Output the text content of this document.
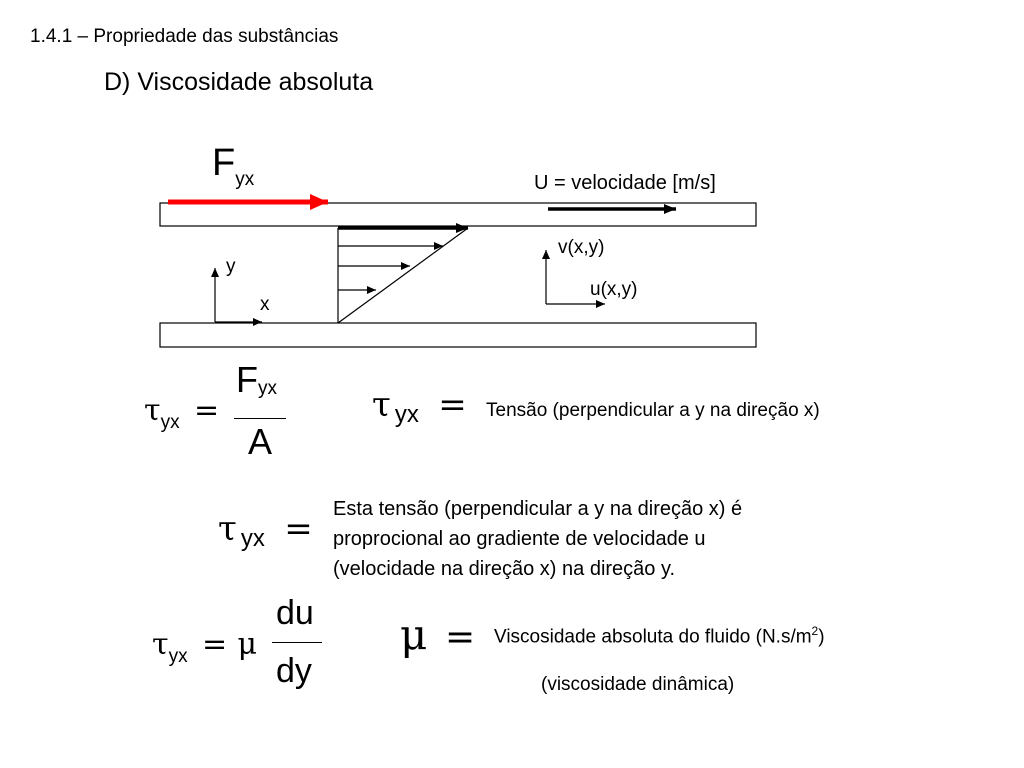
1.4.1 – Propriedade das substâncias
D) Viscosidade absoluta
$F_{yx}$	U = velocidade [m/s]
y
x
v(x,y)
u(x,y)
$\tau_{yx}$ =
Fyx
A
τ yx = Tensão (perpendicular a y na direção x)
τ yx = Esta tensão (perpendicular a y na direção x) é
proprocional ao gradiente de velocidade u
(velocidade na direção x) na direção y.
$\tau_{yx} = \mu$
du
dy
μ = Viscosidade absoluta do fluido $(N.s/m^2)$
(viscosidade dinâmica)
